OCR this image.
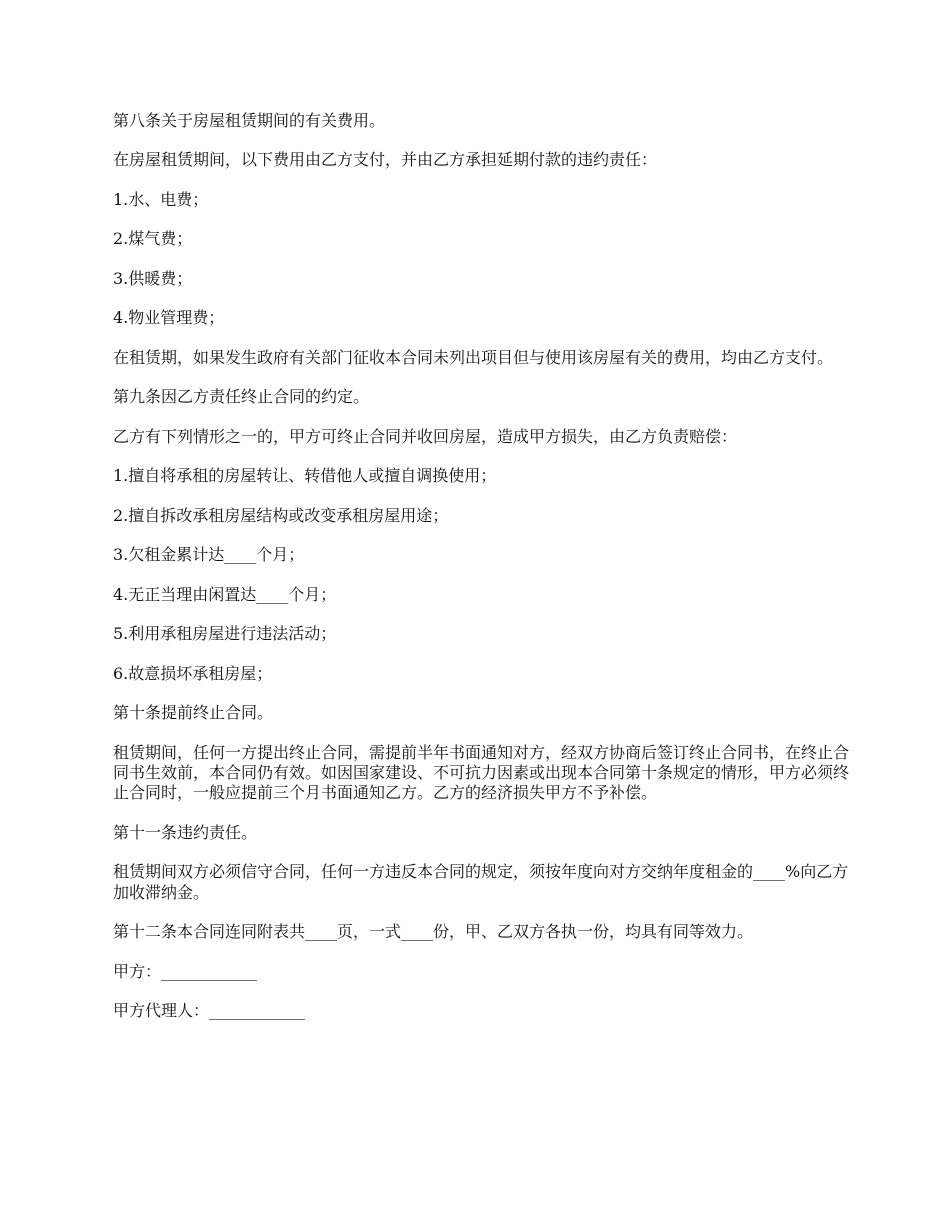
第八条关于房屋租赁期间的有关费用。

在房屋租赁期间，以下费用由乙方支付，并由乙方承担延期付款的违约责任：

1.水、电费；

2.煤气费；

3.供暖费；

4.物业管理费；

在租赁期，如果发生政府有关部门征收本合同未列出项目但与使用该房屋有关的费用，均由乙方支付。

第九条因乙方责任终止合同的约定。

乙方有下列情形之一的，甲方可终止合同并收回房屋，造成甲方损失，由乙方负责赔偿：

1.擅自将承租的房屋转让、转借他人或擅自调换使用；

2.擅自拆改承租房屋结构或改变承租房屋用途；

3.欠租金累计达____个月；

4.无正当理由闲置达____个月；

5.利用承租房屋进行违法活动；

6.故意损坏承租房屋；

第十条提前终止合同。

租赁期间，任何一方提出终止合同，需提前半年书面通知对方，经双方协商后签订终止合同书，在终止合同书生效前，本合同仍有效。如因国家建设、不可抗力因素或出现本合同第十条规定的情形，甲方必须终止合同时，一般应提前三个月书面通知乙方。乙方的经济损失甲方不予补偿。

第十一条违约责任。

租赁期间双方必须信守合同，任何一方违反本合同的规定，须按年度向对方交纳年度租金的____%向乙方加收滞纳金。

第十二条本合同连同附表共____页，一式____份，甲、乙双方各执一份，均具有同等效力。

甲方：____________

甲方代理人：____________
